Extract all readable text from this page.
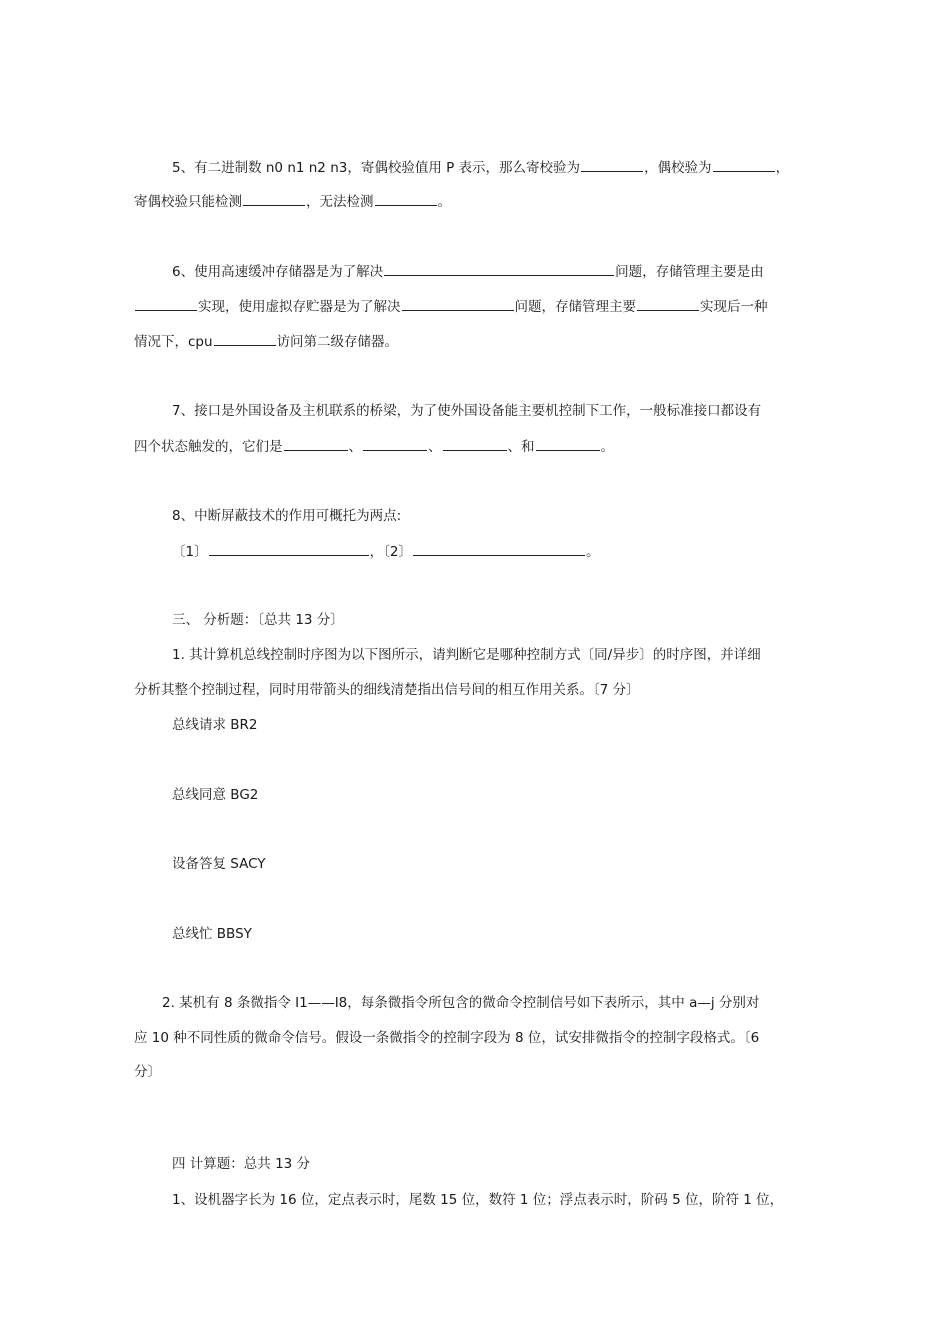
5、有二进制数 n0 n1 n2 n3，寄偶校验值用 P 表示，那么寄校验为	，偶校验为	，
寄偶校验只能检测	，无法检测	。
6、使用高速缓冲存储器是为了解决	问题，存储管理主要是由
实现，使用虚拟存贮器是为了解决	问题，存储管理主要	实现后一种
情况下，cpu	访问第二级存储器。
7、接口是外国设备及主机联系的桥梁，为了使外国设备能主要机控制下工作，一般标准接口都设有
四个状态触发的，它们是	、	、	、和	。
8、中断屏蔽技术的作用可概托为两点:
〔1〕	，〔2〕	。
三、 分析题：〔总共 13 分〕
1. 其计算机总线控制时序图为以下图所示，请判断它是哪种控制方式〔同/异步〕的时序图，并详细
分析其整个控制过程，同时用带箭头的细线清楚指出信号间的相互作用关系。〔7 分〕
总线请求 BR2
总线同意 BG2
设备答复 SACY
总线忙 BBSY
2. 某机有 8 条微指令 I1——I8，每条微指令所包含的微命令控制信号如下表所示，其中 a—j 分别对
应 10 种不同性质的微命令信号。假设一条微指令的控制字段为 8 位，试安排微指令的控制字段格式。〔6
分〕
四 计算题：总共 13 分
1、设机器字长为 16 位，定点表示时，尾数 15 位，数符 1 位；浮点表示时，阶码 5 位，阶符 1 位，
